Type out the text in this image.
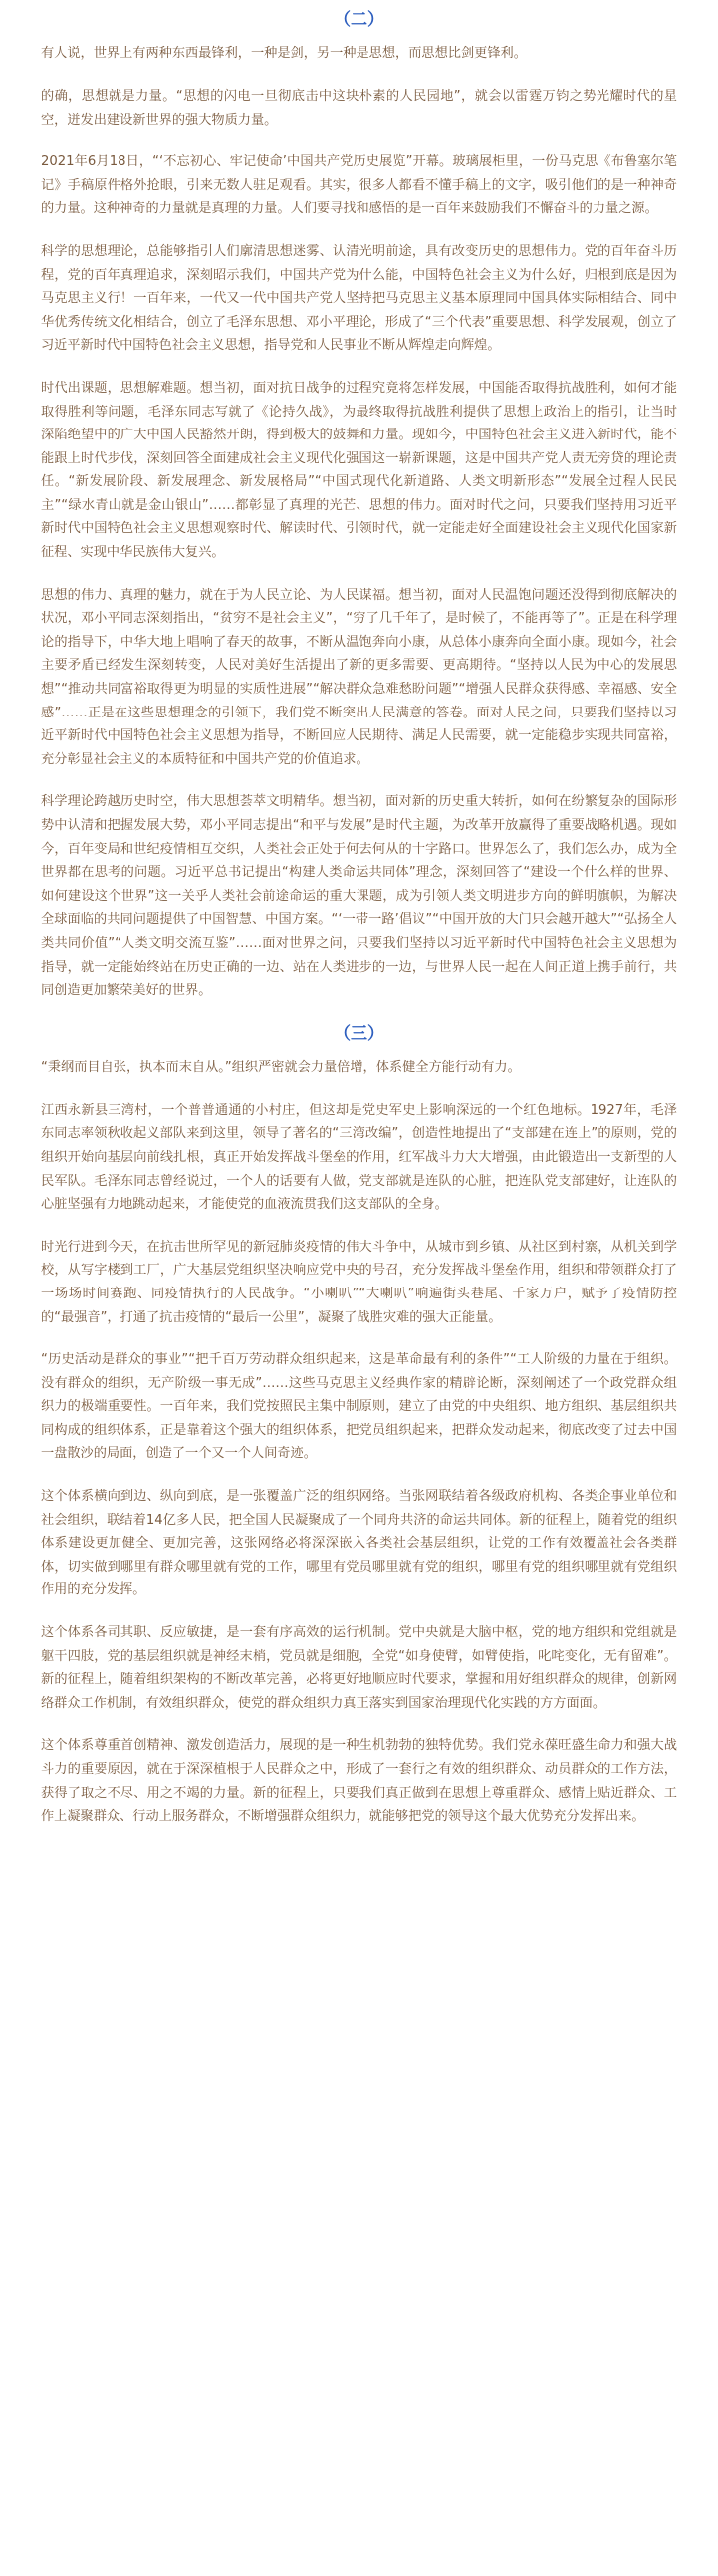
（二）
有人说，世界上有两种东西最锋利，一种是剑，另一种是思想，而思想比剑更锋利。
的确，思想就是力量。“思想的闪电一旦彻底击中这块朴素的人民园地”，就会以雷霆万钧之势光耀时代的星空，迸发出建设新世界的强大物质力量。
2021年6月18日，“‘不忘初心、牢记使命’中国共产党历史展览”开幕。玻璃展柜里，一份马克思《布鲁塞尔笔记》手稿原件格外抢眼，引来无数人驻足观看。其实，很多人都看不懂手稿上的文字，吸引他们的是一种神奇的力量。这种神奇的力量就是真理的力量。人们要寻找和感悟的是一百年来鼓励我们不懈奋斗的力量之源。
科学的思想理论，总能够指引人们廓清思想迷雾、认清光明前途，具有改变历史的思想伟力。党的百年奋斗历程，党的百年真理追求，深刻昭示我们，中国共产党为什么能，中国特色社会主义为什么好，归根到底是因为马克思主义行！一百年来，一代又一代中国共产党人坚持把马克思主义基本原理同中国具体实际相结合、同中华优秀传统文化相结合，创立了毛泽东思想、邓小平理论，形成了“三个代表”重要思想、科学发展观，创立了习近平新时代中国特色社会主义思想，指导党和人民事业不断从辉煌走向辉煌。
时代出课题，思想解难题。想当初，面对抗日战争的过程究竟将怎样发展，中国能否取得抗战胜利，如何才能取得胜利等问题，毛泽东同志写就了《论持久战》，为最终取得抗战胜利提供了思想上政治上的指引，让当时深陷绝望中的广大中国人民豁然开朗，得到极大的鼓舞和力量。现如今，中国特色社会主义进入新时代，能不能跟上时代步伐，深刻回答全面建成社会主义现代化强国这一崭新课题，这是中国共产党人责无旁贷的理论责任。“新发展阶段、新发展理念、新发展格局”“中国式现代化新道路、人类文明新形态”“发展全过程人民民主”“绿水青山就是金山银山”……都彰显了真理的光芒、思想的伟力。面对时代之问，只要我们坚持用习近平新时代中国特色社会主义思想观察时代、解读时代、引领时代，就一定能走好全面建设社会主义现代化国家新征程、实现中华民族伟大复兴。
思想的伟力、真理的魅力，就在于为人民立论、为人民谋福。想当初，面对人民温饱问题还没得到彻底解决的状况，邓小平同志深刻指出，“贫穷不是社会主义”，“穷了几千年了，是时候了，不能再等了”。正是在科学理论的指导下，中华大地上唱响了春天的故事，不断从温饱奔向小康，从总体小康奔向全面小康。现如今，社会主要矛盾已经发生深刻转变，人民对美好生活提出了新的更多需要、更高期待。“坚持以人民为中心的发展思想”“推动共同富裕取得更为明显的实质性进展”“解决群众急难愁盼问题”“增强人民群众获得感、幸福感、安全感”……正是在这些思想理念的引领下，我们党不断突出人民满意的答卷。面对人民之问，只要我们坚持以习近平新时代中国特色社会主义思想为指导，不断回应人民期待、满足人民需要，就一定能稳步实现共同富裕，充分彰显社会主义的本质特征和中国共产党的价值追求。
科学理论跨越历史时空，伟大思想荟萃文明精华。想当初，面对新的历史重大转折，如何在纷繁复杂的国际形势中认清和把握发展大势，邓小平同志提出“和平与发展”是时代主题，为改革开放赢得了重要战略机遇。现如今，百年变局和世纪疫情相互交织，人类社会正处于何去何从的十字路口。世界怎么了，我们怎么办，成为全世界都在思考的问题。习近平总书记提出“构建人类命运共同体”理念，深刻回答了“建设一个什么样的世界、如何建设这个世界”这一关乎人类社会前途命运的重大课题，成为引领人类文明进步方向的鲜明旗帜，为解决全球面临的共同问题提供了中国智慧、中国方案。“‘一带一路’倡议”“中国开放的大门只会越开越大”“弘扬全人类共同价值”“人类文明交流互鉴”……面对世界之问，只要我们坚持以习近平新时代中国特色社会主义思想为指导，就一定能始终站在历史正确的一边、站在人类进步的一边，与世界人民一起在人间正道上携手前行，共同创造更加繁荣美好的世界。
（三）
“秉纲而目自张，执本而末自从。”组织严密就会力量倍增，体系健全方能行动有力。
江西永新县三湾村，一个普普通通的小村庄，但这却是党史军史上影响深远的一个红色地标。1927年，毛泽东同志率领秋收起义部队来到这里，领导了著名的“三湾改编”，创造性地提出了“支部建在连上”的原则，党的组织开始向基层向前线扎根，真正开始发挥战斗堡垒的作用，红军战斗力大大增强，由此锻造出一支新型的人民军队。毛泽东同志曾经说过，一个人的话要有人做，党支部就是连队的心脏，把连队党支部建好，让连队的心脏坚强有力地跳动起来，才能使党的血液流贯我们这支部队的全身。
时光行进到今天，在抗击世所罕见的新冠肺炎疫情的伟大斗争中，从城市到乡镇、从社区到村寨，从机关到学校，从写字楼到工厂，广大基层党组织坚决响应党中央的号召，充分发挥战斗堡垒作用，组织和带领群众打了一场场时间赛跑、同疫情执行的人民战争。“小喇叭”“大喇叭”响遍街头巷尾、千家万户，赋予了疫情防控的“最强音”，打通了抗击疫情的“最后一公里”，凝聚了战胜灾难的强大正能量。
“历史活动是群众的事业”“把千百万劳动群众组织起来，这是革命最有利的条件”“工人阶级的力量在于组织。没有群众的组织，无产阶级一事无成”……这些马克思主义经典作家的精辟论断，深刻阐述了一个政党群众组织力的极端重要性。一百年来，我们党按照民主集中制原则，建立了由党的中央组织、地方组织、基层组织共同构成的组织体系，正是靠着这个强大的组织体系，把党员组织起来，把群众发动起来，彻底改变了过去中国一盘散沙的局面，创造了一个又一个人间奇迹。
这个体系横向到边、纵向到底，是一张覆盖广泛的组织网络。当张网联结着各级政府机构、各类企事业单位和社会组织，联结着14亿多人民，把全国人民凝聚成了一个同舟共济的命运共同体。新的征程上，随着党的组织体系建设更加健全、更加完善，这张网络必将深深嵌入各类社会基层组织，让党的工作有效覆盖社会各类群体，切实做到哪里有群众哪里就有党的工作，哪里有党员哪里就有党的组织，哪里有党的组织哪里就有党组织作用的充分发挥。
这个体系各司其职、反应敏捷，是一套有序高效的运行机制。党中央就是大脑中枢，党的地方组织和党组就是躯干四肢，党的基层组织就是神经末梢，党员就是细胞，全党“如身使臂，如臂使指，叱咤变化，无有留难”。新的征程上，随着组织架构的不断改革完善，必将更好地顺应时代要求，掌握和用好组织群众的规律，创新网络群众工作机制，有效组织群众，使党的群众组织力真正落实到国家治理现代化实践的方方面面。
这个体系尊重首创精神、激发创造活力，展现的是一种生机勃勃的独特优势。我们党永葆旺盛生命力和强大战斗力的重要原因，就在于深深植根于人民群众之中，形成了一套行之有效的组织群众、动员群众的工作方法，获得了取之不尽、用之不竭的力量。新的征程上，只要我们真正做到在思想上尊重群众、感情上贴近群众、工作上凝聚群众、行动上服务群众，不断增强群众组织力，就能够把党的领导这个最大优势充分发挥出来。
